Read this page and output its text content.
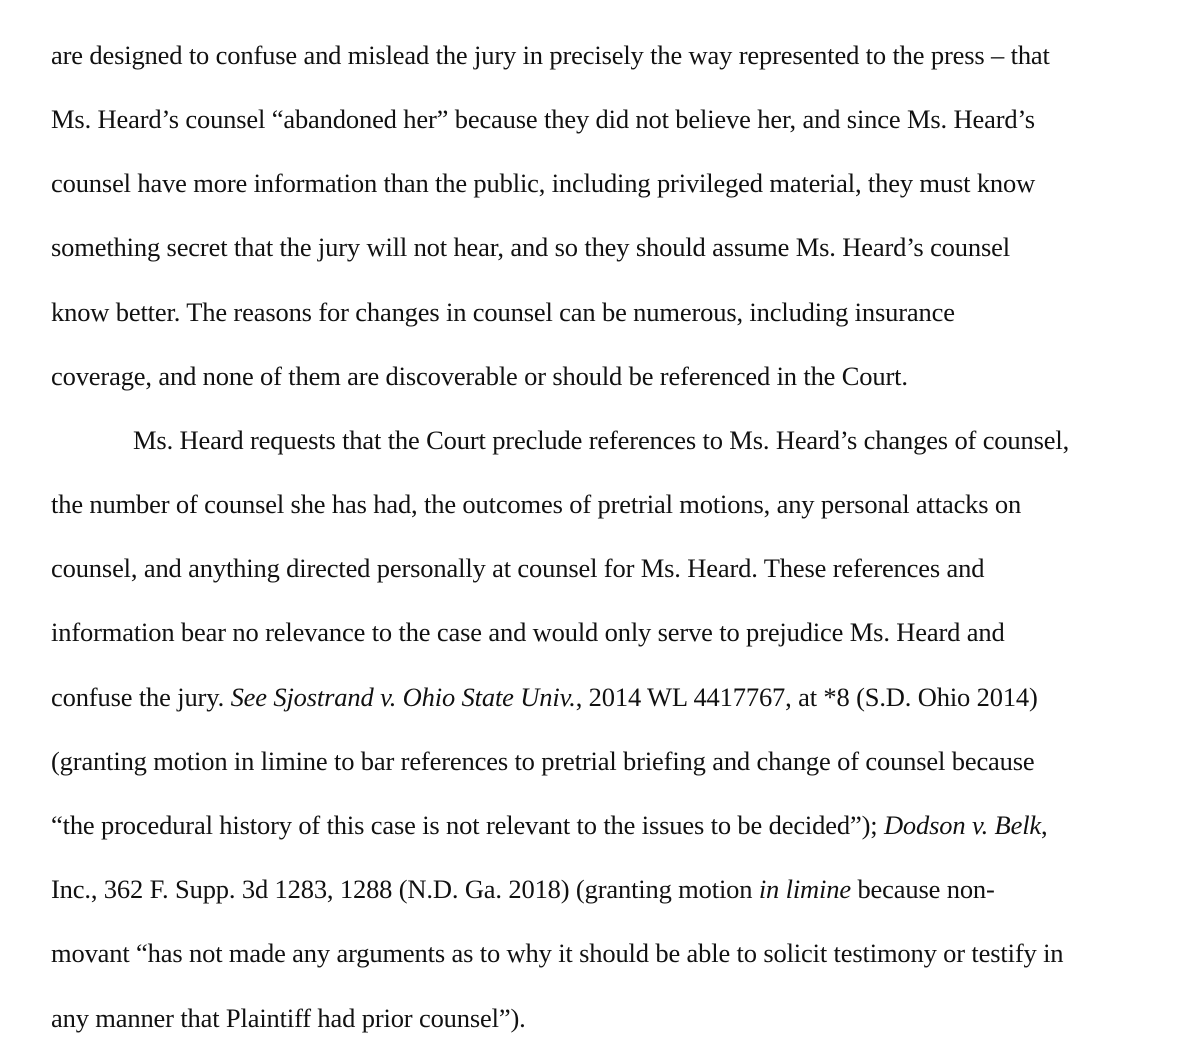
are designed to confuse and mislead the jury in precisely the way represented to the press – that
Ms. Heard’s counsel “abandoned her” because they did not believe her, and since Ms. Heard’s
counsel have more information than the public, including privileged material, they must know
something secret that the jury will not hear, and so they should assume Ms. Heard’s counsel
know better. The reasons for changes in counsel can be numerous, including insurance
coverage, and none of them are discoverable or should be referenced in the Court.
Ms. Heard requests that the Court preclude references to Ms. Heard’s changes of counsel,
the number of counsel she has had, the outcomes of pretrial motions, any personal attacks on
counsel, and anything directed personally at counsel for Ms. Heard. These references and
information bear no relevance to the case and would only serve to prejudice Ms. Heard and
confuse the jury. See Sjostrand v. Ohio State Univ., 2014 WL 4417767, at *8 (S.D. Ohio 2014)
(granting motion in limine to bar references to pretrial briefing and change of counsel because
“the procedural history of this case is not relevant to the issues to be decided”); Dodson v. Belk,
Inc., 362 F. Supp. 3d 1283, 1288 (N.D. Ga. 2018) (granting motion in limine because non-
movant “has not made any arguments as to why it should be able to solicit testimony or testify in
any manner that Plaintiff had prior counsel”).
